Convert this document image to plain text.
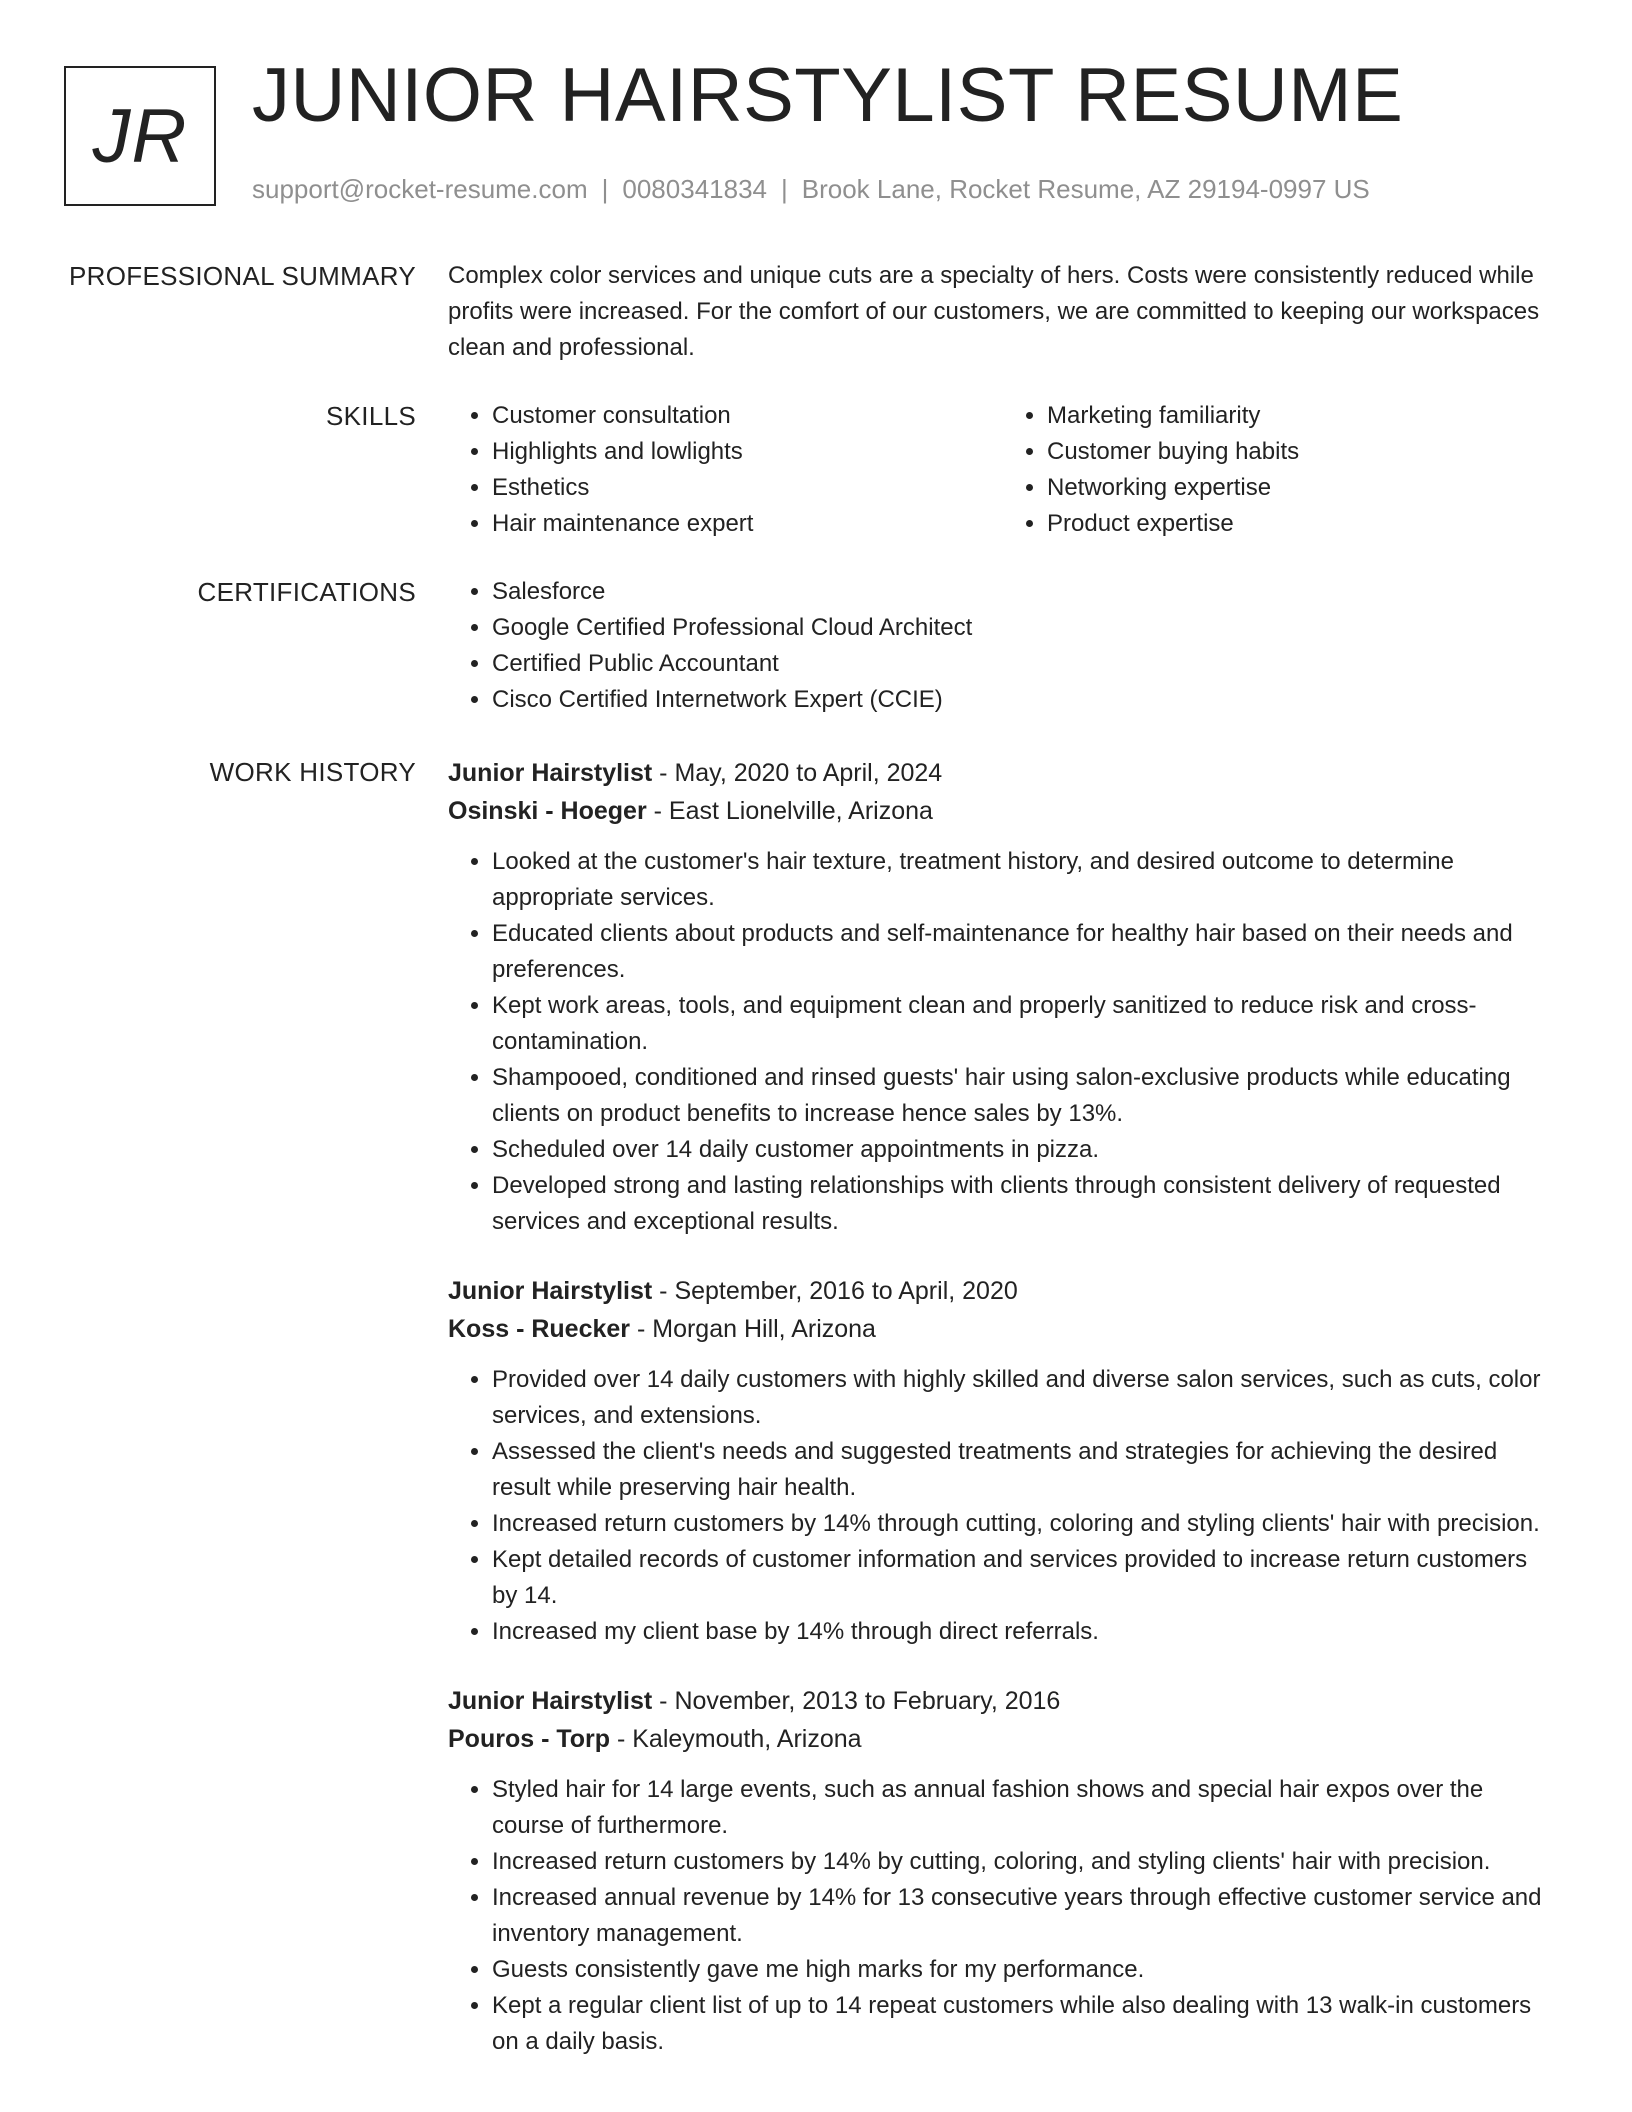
JR JUNIOR HAIRSTYLIST RESUME
support@rocket-resume.com | 0080341834 | Brook Lane, Rocket Resume, AZ 29194-0997 US
PROFESSIONAL SUMMARY Complex color services and unique cuts are a specialty of hers. Costs were consistently reduced while profits were increased. For the comfort of our customers, we are committed to keeping our workspaces clean and professional.
SKILLS	• Customer consultation
• Highlights and lowlights
• Esthetics
• Hair maintenance expert
• Marketing familiarity
• Customer buying habits
• Networking expertise
• Product expertise
CERTIFICATIONS	• Salesforce
• Google Certified Professional Cloud Architect
• Certified Public Accountant
• Cisco Certified Internetwork Expert (CCIE)
WORK HISTORY Junior Hairstylist - May, 2020 to April, 2024
Osinski - Hoeger - East Lionelville, Arizona
• Looked at the customer's hair texture, treatment history, and desired outcome to determine appropriate services.
• Educated clients about products and self-maintenance for healthy hair based on their needs and preferences.
• Kept work areas, tools, and equipment clean and properly sanitized to reduce risk and cross-contamination.
• Shampooed, conditioned and rinsed guests' hair using salon-exclusive products while educating clients on product benefits to increase hence sales by 13%.
• Scheduled over 14 daily customer appointments in pizza.
• Developed strong and lasting relationships with clients through consistent delivery of requested services and exceptional results.
Junior Hairstylist - September, 2016 to April, 2020
Koss - Ruecker - Morgan Hill, Arizona
• Provided over 14 daily customers with highly skilled and diverse salon services, such as cuts, color services, and extensions.
• Assessed the client's needs and suggested treatments and strategies for achieving the desired result while preserving hair health.
• Increased return customers by 14% through cutting, coloring and styling clients' hair with precision.
• Kept detailed records of customer information and services provided to increase return customers by 14.
• Increased my client base by 14% through direct referrals.
Junior Hairstylist - November, 2013 to February, 2016
Pouros - Torp - Kaleymouth, Arizona
• Styled hair for 14 large events, such as annual fashion shows and special hair expos over the course of furthermore.
• Increased return customers by 14% by cutting, coloring, and styling clients' hair with precision.
• Increased annual revenue by 14% for 13 consecutive years through effective customer service and inventory management.
• Guests consistently gave me high marks for my performance.
• Kept a regular client list of up to 14 repeat customers while also dealing with 13 walk-in customers on a daily basis.
